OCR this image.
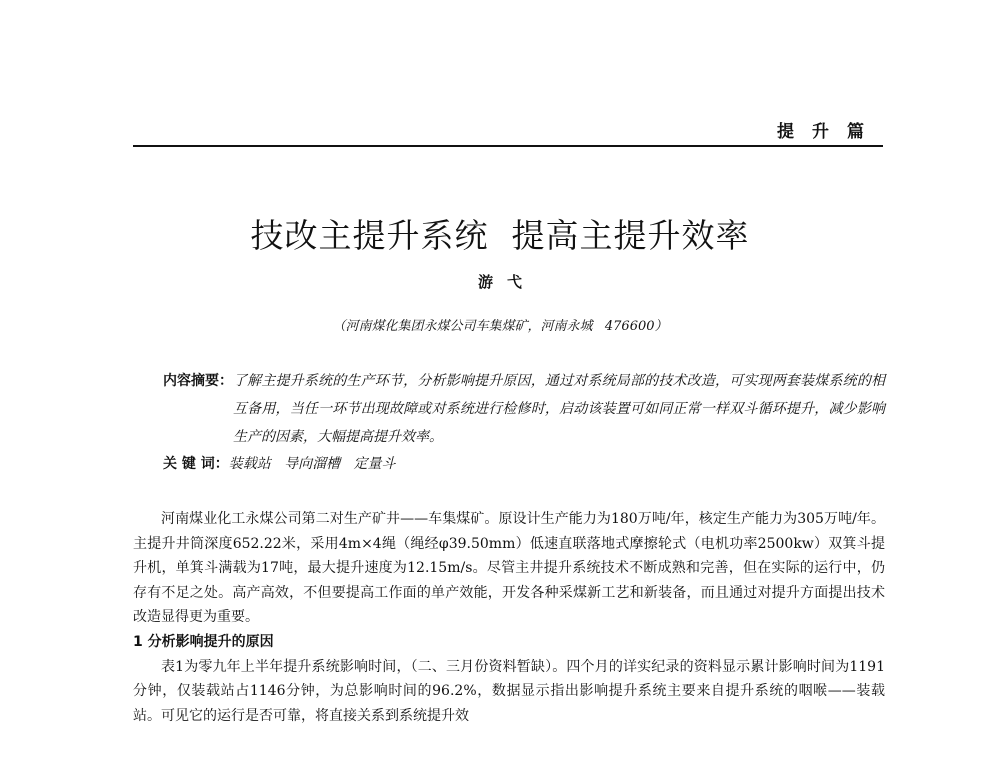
提升篇
技改主提升系统  提高主提升效率
游弋
（河南煤化集团永煤公司车集煤矿，河南永城   476600）
内容摘要： 了解主提升系统的生产环节，分析影响提升原因，通过对系统局部的技术改造，可实现两套装煤系统的相互备用，当任一环节出现故障或对系统进行检修时，启动该装置可如同正常一样双斗循环提升，减少影响生产的因素，大幅提高提升效率。
关 键 词：装载站   导向溜槽   定量斗

河南煤业化工永煤公司第二对生产矿井——车集煤矿。原设计生产能力为180万吨/年，核定生产能力为305万吨/年。主提升井筒深度652.22米，采用4m×4绳（绳经φ39.50mm）低速直联落地式摩擦轮式（电机功率2500kw）双箕斗提升机，单箕斗满载为17吨，最大提升速度为12.15m/s。尽管主井提升系统技术不断成熟和完善，但在实际的运行中，仍存有不足之处。高产高效，不但要提高工作面的单产效能，开发各种采煤新工艺和新装备，而且通过对提升方面提出技术改造显得更为重要。

1 分析影响提升的原因

表1为零九年上半年提升系统影响时间，（二、三月份资料暂缺）。四个月的详实纪录的资料显示累计影响时间为1191分钟，仅装载站占1146分钟，为总影响时间的96.2%，数据显示指出影响提升系统主要来自提升系统的咽喉——装载站。可见它的运行是否可靠，将直接关系到系统提升效
